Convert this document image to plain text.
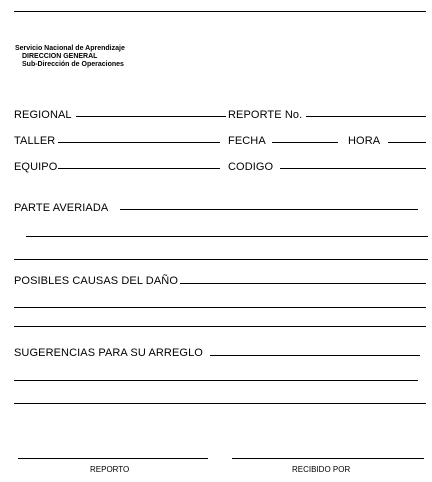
Servicio Nacional de Aprendizaje
DIRECCION GENERAL
Sub-Dirección de Operaciones
REGIONAL	REPORTE No.
TALLER	FECHA	HORA
EQUIPO	CODIGO
PARTE AVERIADA
POSIBLES CAUSAS DEL DAÑO
SUGERENCIAS PARA SU ARREGLO
REPORTO	RECIBIDO POR
